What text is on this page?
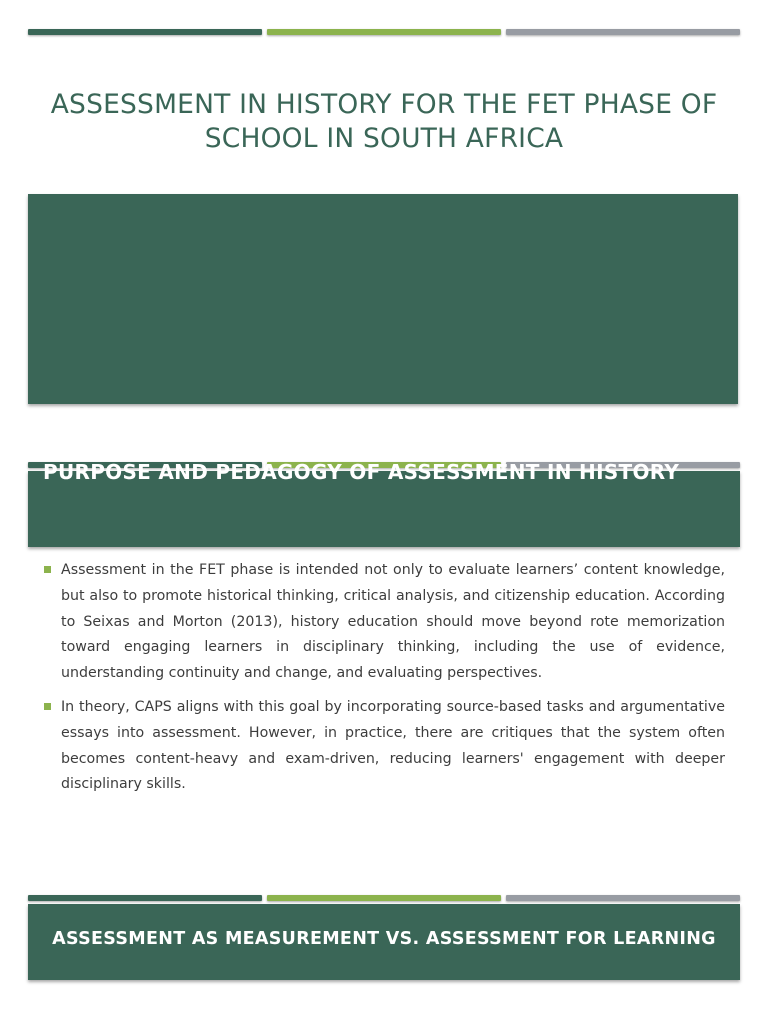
ASSESSMENT IN HISTORY FOR THE FET PHASE OF SCHOOL IN SOUTH AFRICA
PURPOSE AND PEDAGOGY OF ASSESSMENT IN HISTORY
Assessment in the FET phase is intended not only to evaluate learners’ content knowledge, but also to promote historical thinking, critical analysis, and citizenship education. According to Seixas and Morton (2013), history education should move beyond rote memorization toward engaging learners in disciplinary thinking, including the use of evidence, understanding continuity and change, and evaluating perspectives.
In theory, CAPS aligns with this goal by incorporating source-based tasks and argumentative essays into assessment. However, in practice, there are critiques that the system often becomes content-heavy and exam-driven, reducing learners' engagement with deeper disciplinary skills.
ASSESSMENT AS MEASUREMENT VS. ASSESSMENT FOR LEARNING
